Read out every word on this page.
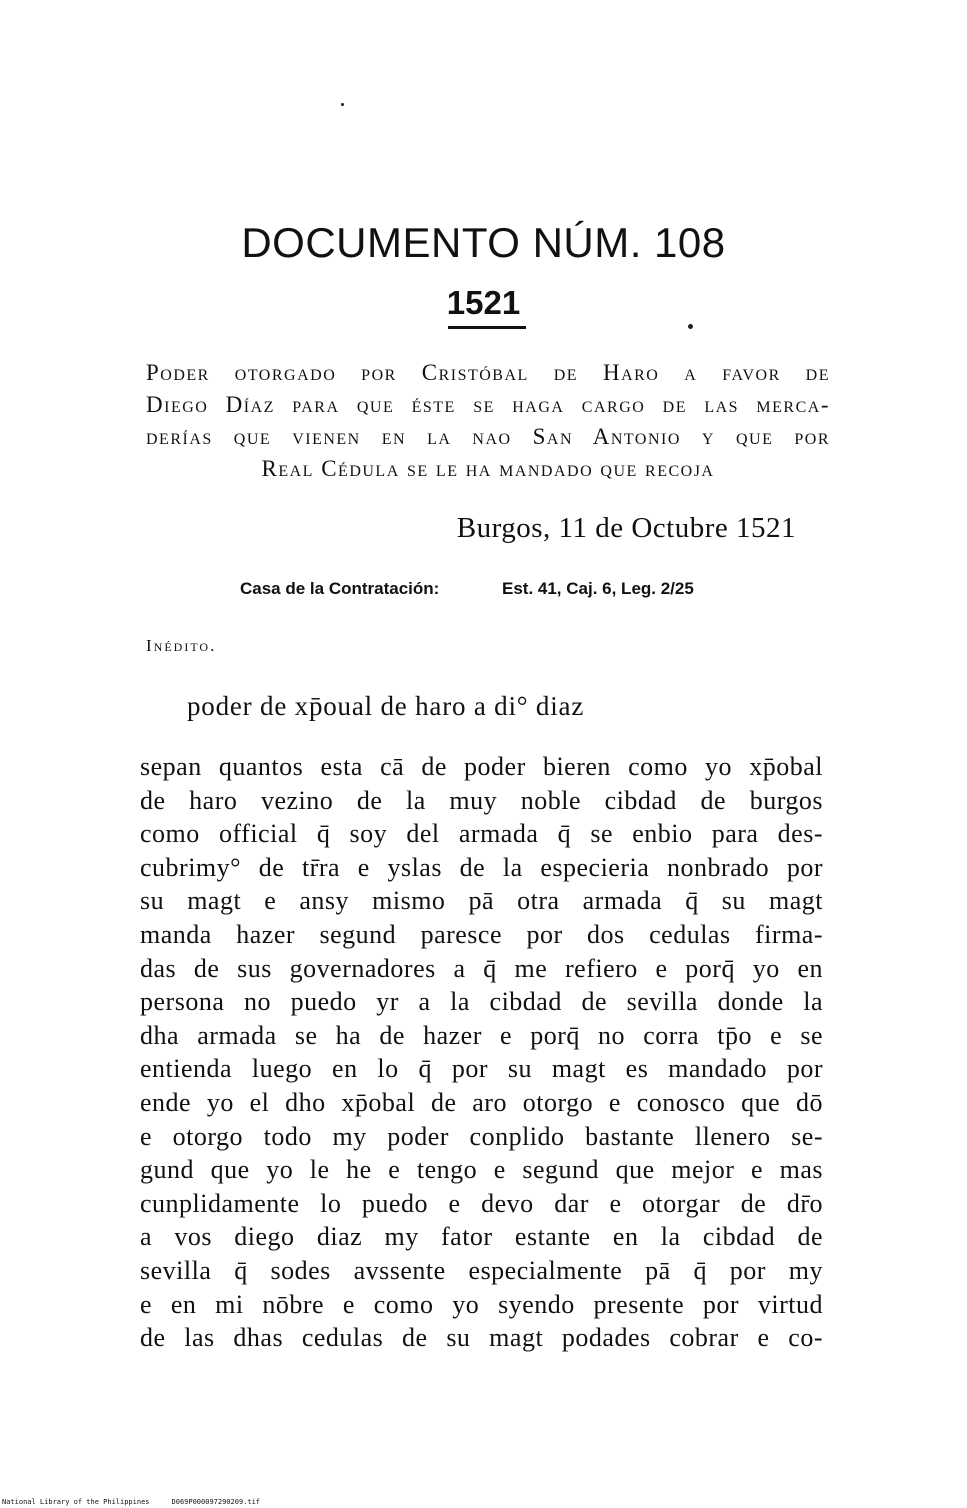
DOCUMENTO NÚM. 108
1521
Poder otorgado por Cristóbal de Haro a favor de
Diego Díaz para que éste se haga cargo de las merca-
derías que vienen en la nao San Antonio y que por
Real Cédula se le ha mandado que recoja
Burgos, 11 de Octubre 1521
Casa de la Contratación:	Est. 41, Caj. 6, Leg. 2/25
Inédito.
poder de xp̄oual de haro a di° diaz
sepan quantos esta cā de poder bieren como yo xp̄obal
de haro vezino de la muy noble cibdad de burgos
como official q̄ soy del armada q̄ se enbio para des-
cubrimy° de tr̄ra e yslas de la especieria nonbrado por
su magt e ansy mismo pā otra armada q̄ su magt
manda hazer segund paresce por dos cedulas firma-
das de sus governadores a q̄ me refiero e porq̄ yo en
persona no puedo yr a la cibdad de sevilla donde la
dha armada se ha de hazer e porq̄ no corra tp̄o e se
entienda luego en lo q̄ por su magt es mandado por
ende yo el dho xp̄obal de aro otorgo e conosco que dō
e otorgo todo my poder conplido bastante llenero se-
gund que yo le he e tengo e segund que mejor e mas
cunplidamente lo puedo e devo dar e otorgar de dr̄o
a vos diego diaz my fator estante en la cibdad de
sevilla q̄ sodes avssente especialmente pā q̄ por my
e en mi nōbre e como yo syendo presente por virtud
de las dhas cedulas de su magt podades cobrar e co-
National Library of the Philippines	D069P000097290209.tif
